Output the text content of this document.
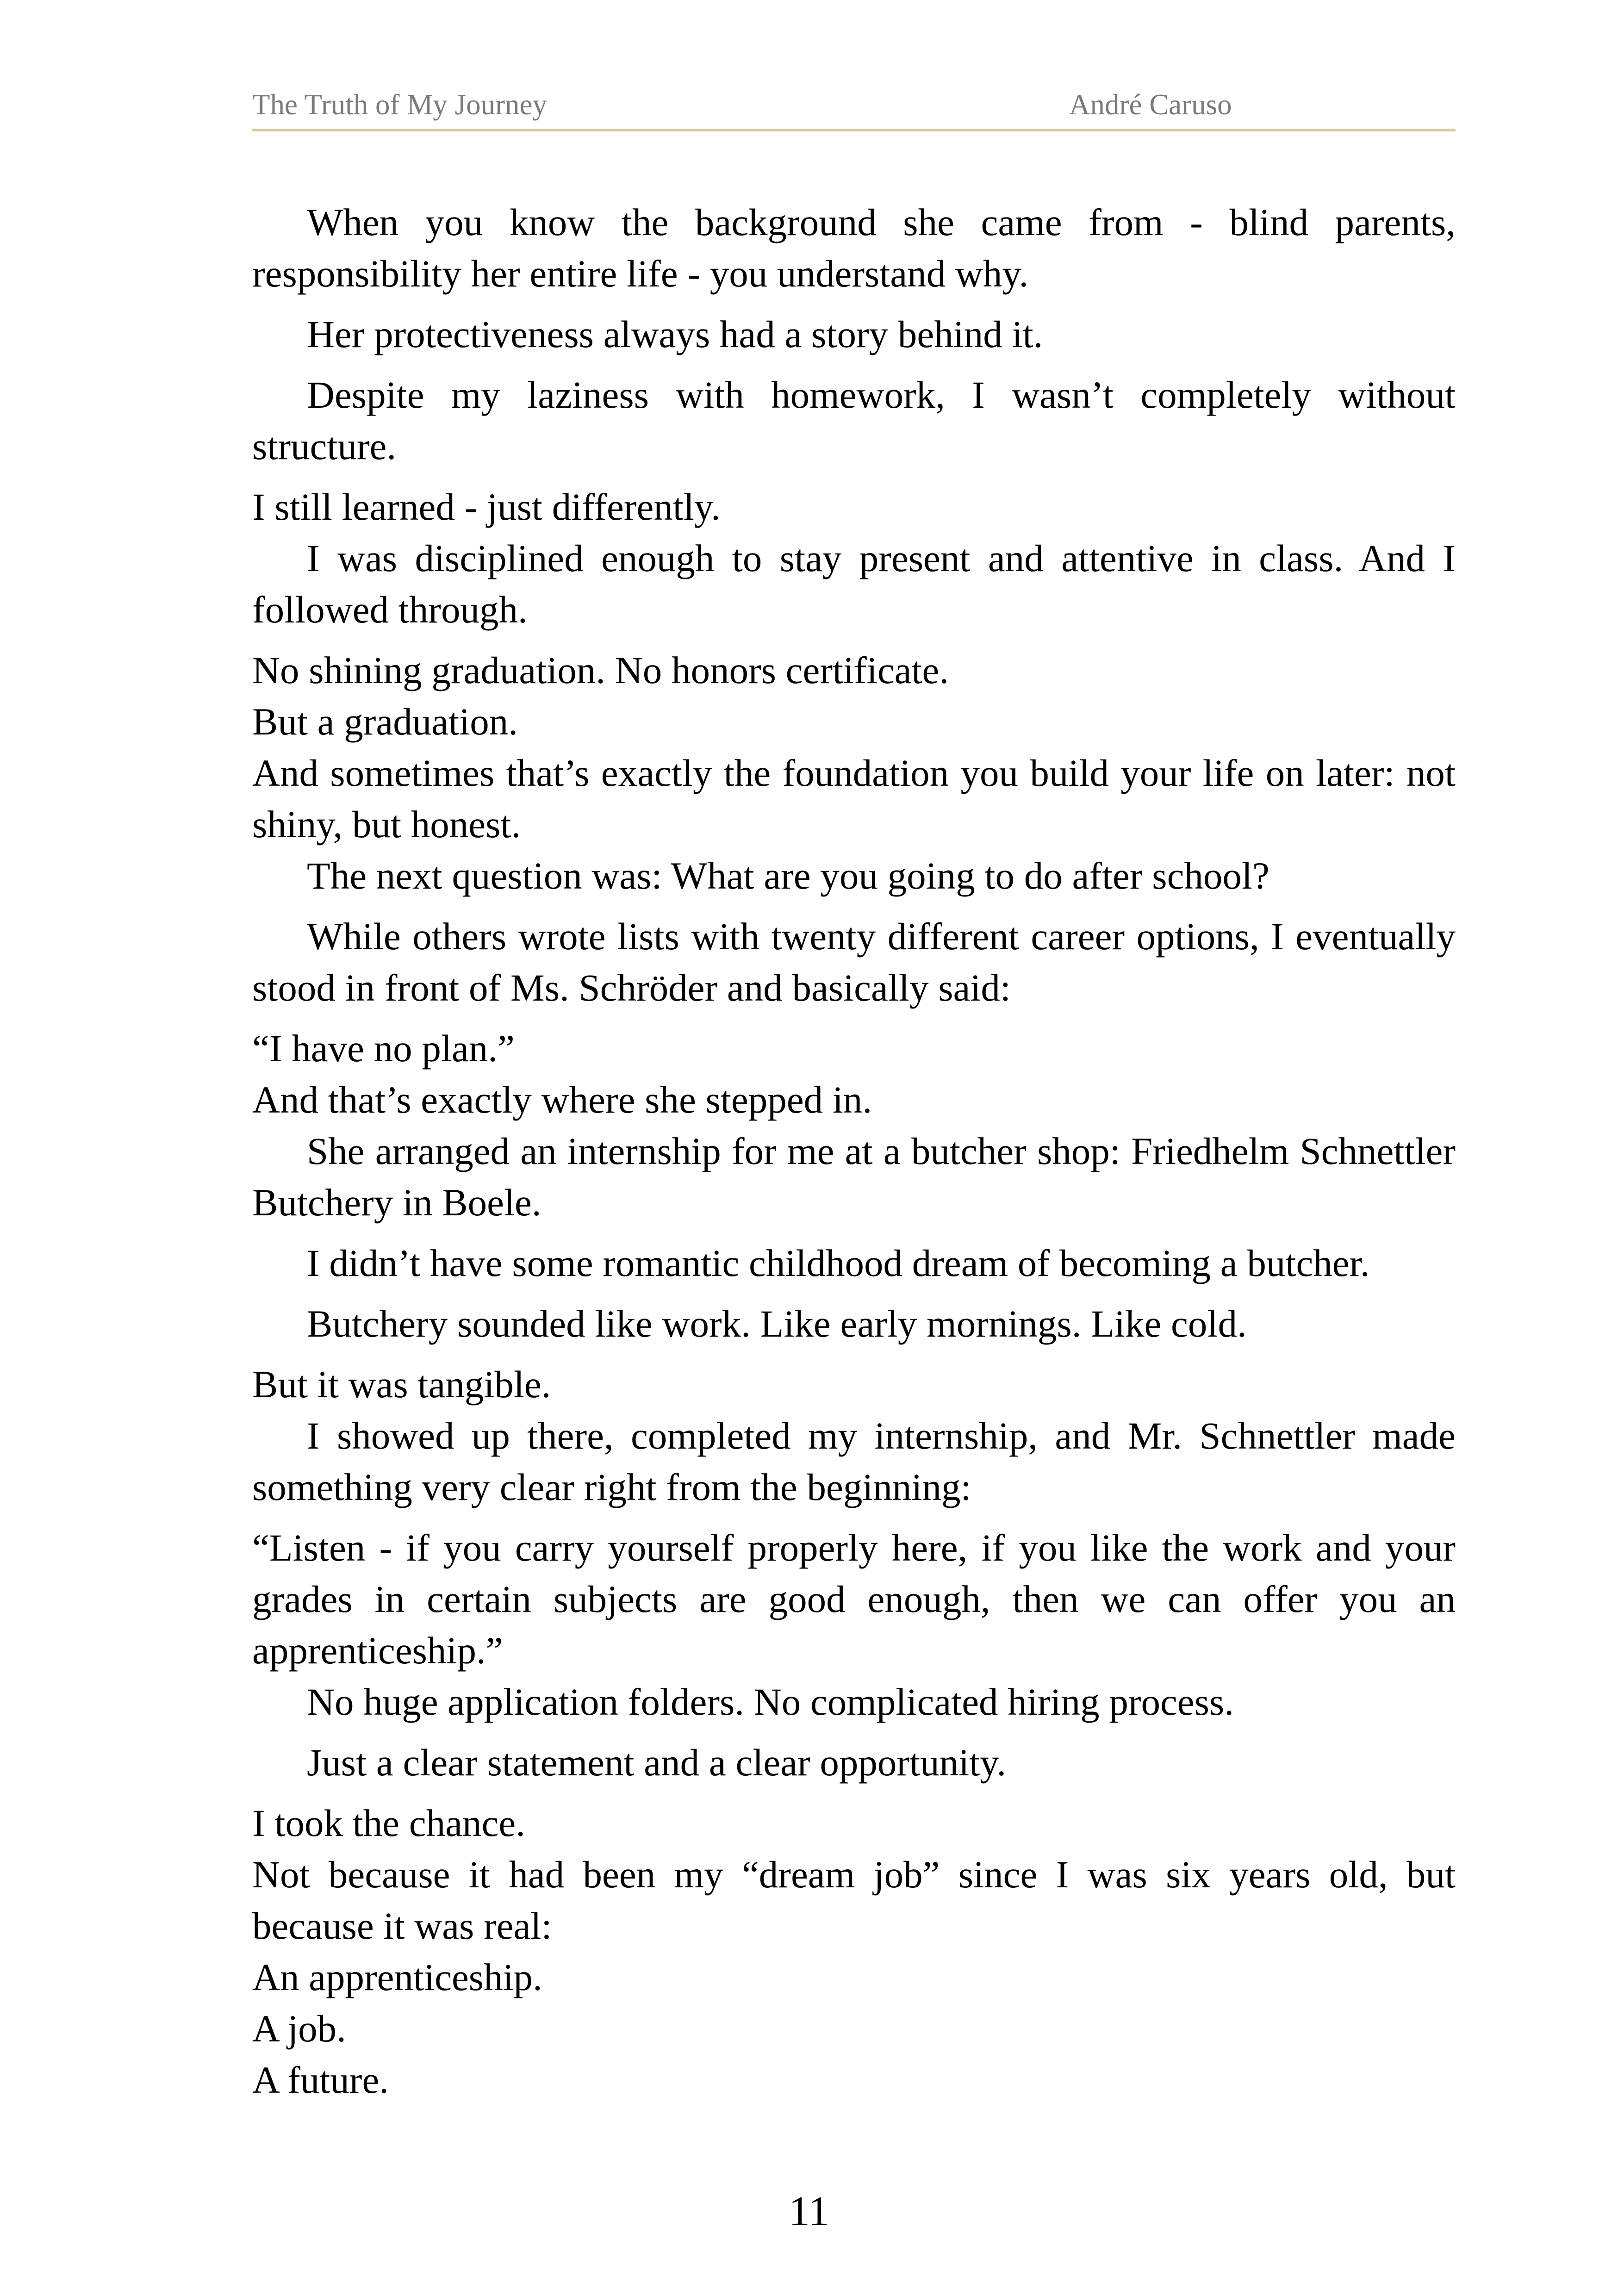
The Truth of My Journey	André Caruso

When you know the background she came from - blind parents, responsibility her entire life - you understand why.

Her protectiveness always had a story behind it.

Despite my laziness with homework, I wasn’t completely without structure.

I still learned - just differently.

I was disciplined enough to stay present and attentive in class. And I followed through.

No shining graduation. No honors certificate.

But a graduation.

And sometimes that’s exactly the foundation you build your life on later: not shiny, but honest.

The next question was: What are you going to do after school?

While others wrote lists with twenty different career options, I eventually stood in front of Ms. Schröder and basically said:

“I have no plan.”

And that’s exactly where she stepped in.

She arranged an internship for me at a butcher shop: Friedhelm Schnettler Butchery in Boele.

I didn’t have some romantic childhood dream of becoming a butcher.

Butchery sounded like work. Like early mornings. Like cold.

But it was tangible.

I showed up there, completed my internship, and Mr. Schnettler made something very clear right from the beginning:

“Listen - if you carry yourself properly here, if you like the work and your grades in certain subjects are good enough, then we can offer you an apprenticeship.”

No huge application folders. No complicated hiring process.

Just a clear statement and a clear opportunity.

I took the chance.

Not because it had been my “dream job” since I was six years old, but because it was real:

An apprenticeship.

A job.

A future.

11
